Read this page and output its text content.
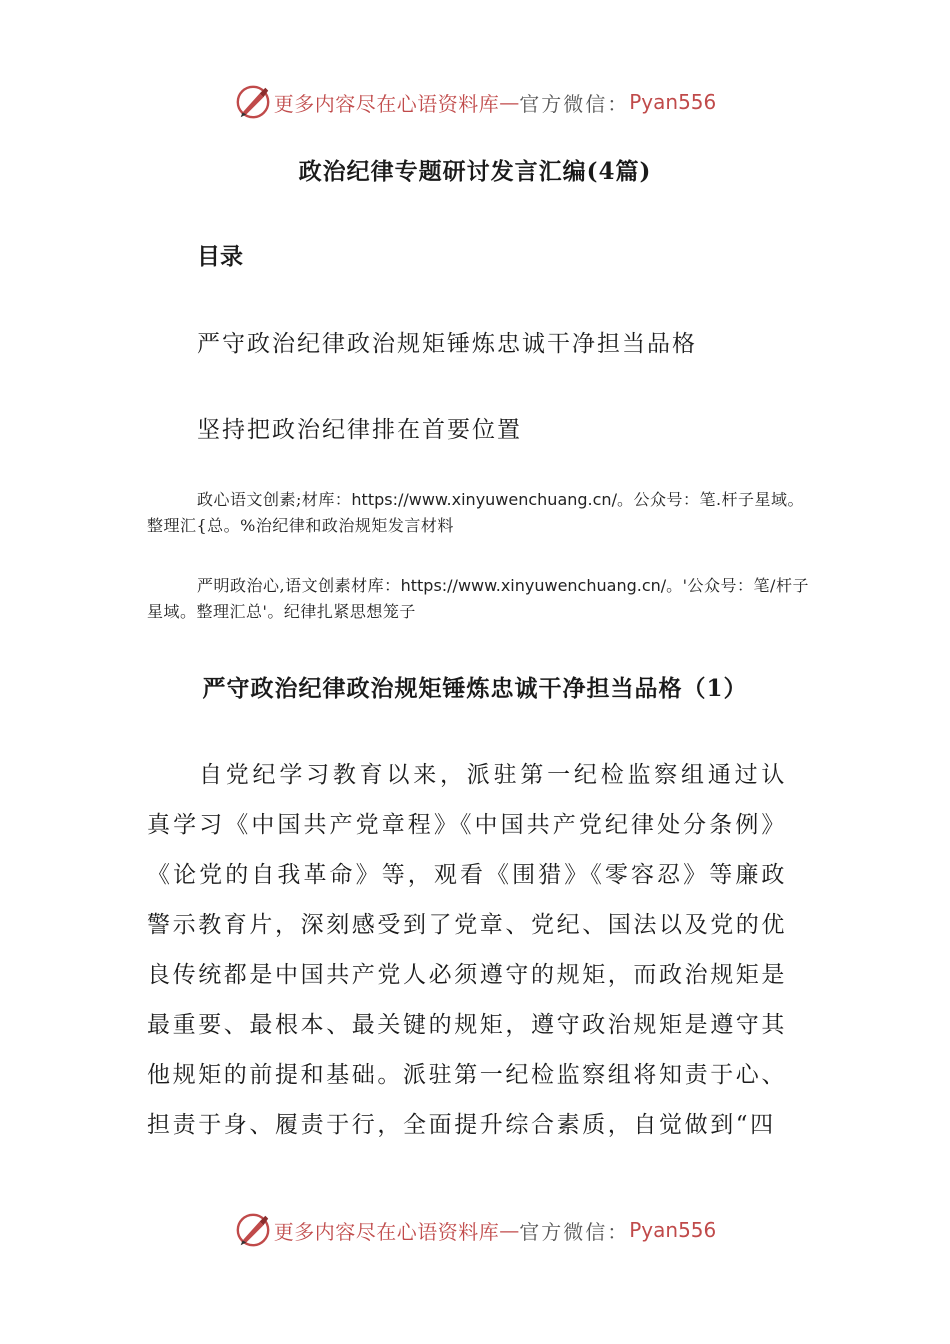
更多内容尽在心语资料库 — 官方微信： Pyan556
政治纪律专题研讨发言汇编(4篇)
目录
严守政治纪律政治规矩锤炼忠诚干净担当品格
坚持把政治纪律排在首要位置
政心语文创素;材库：https://www.xinyuwenchuang.cn/。公众号：笔.杆子星域。整理汇{总。%治纪律和政治规矩发言材料
严明政治心,语文创素材库：https://www.xinyuwenchuang.cn/。'公众号：笔/杆子星域。整理汇总'。纪律扎紧思想笼子
严守政治纪律政治规矩锤炼忠诚干净担当品格（1）
自党纪学习教育以来，派驻第一纪检监察组通过认真学习《中国共产党章程》《中国共产党纪律处分条例》《论党的自我革命》等，观看《围猎》《零容忍》等廉政警示教育片，深刻感受到了党章、党纪、国法以及党的优良传统都是中国共产党人必须遵守的规矩，而政治规矩是最重要、最根本、最关键的规矩，遵守政治规矩是遵守其他规矩的前提和基础。派驻第一纪检监察组将知责于心、担责于身、履责于行，全面提升综合素质，自觉做到“四
更多内容尽在心语资料库 — 官方微信： Pyan556
